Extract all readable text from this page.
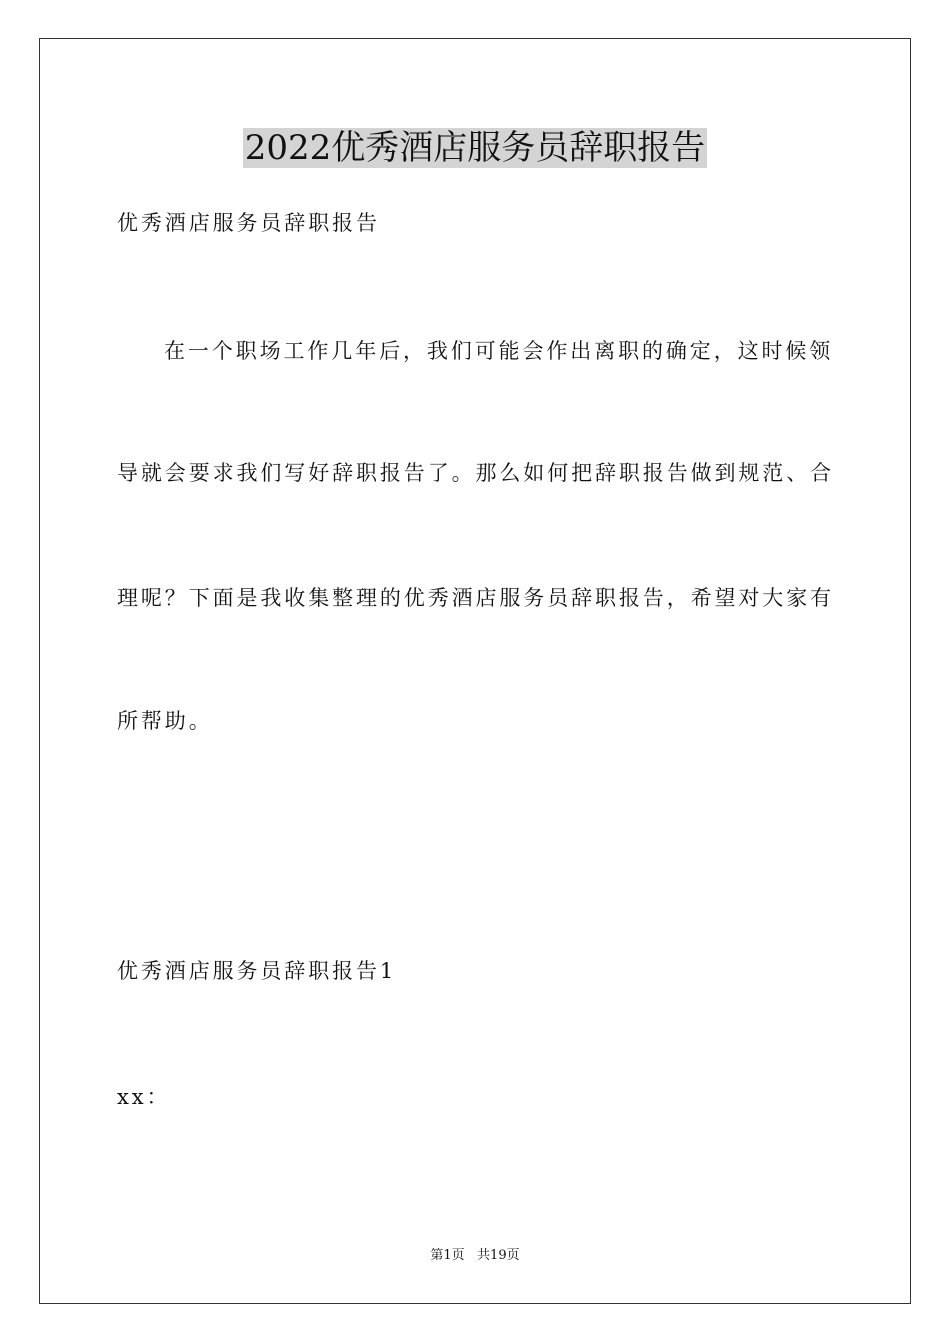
2022优秀酒店服务员辞职报告
优秀酒店服务员辞职报告
在一个职场工作几年后，我们可能会作出离职的确定，这时候领
导就会要求我们写好辞职报告了。那么如何把辞职报告做到规范、合
理呢？下面是我收集整理的优秀酒店服务员辞职报告，希望对大家有
所帮助。
优秀酒店服务员辞职报告1
xx：
第1页   共19页
